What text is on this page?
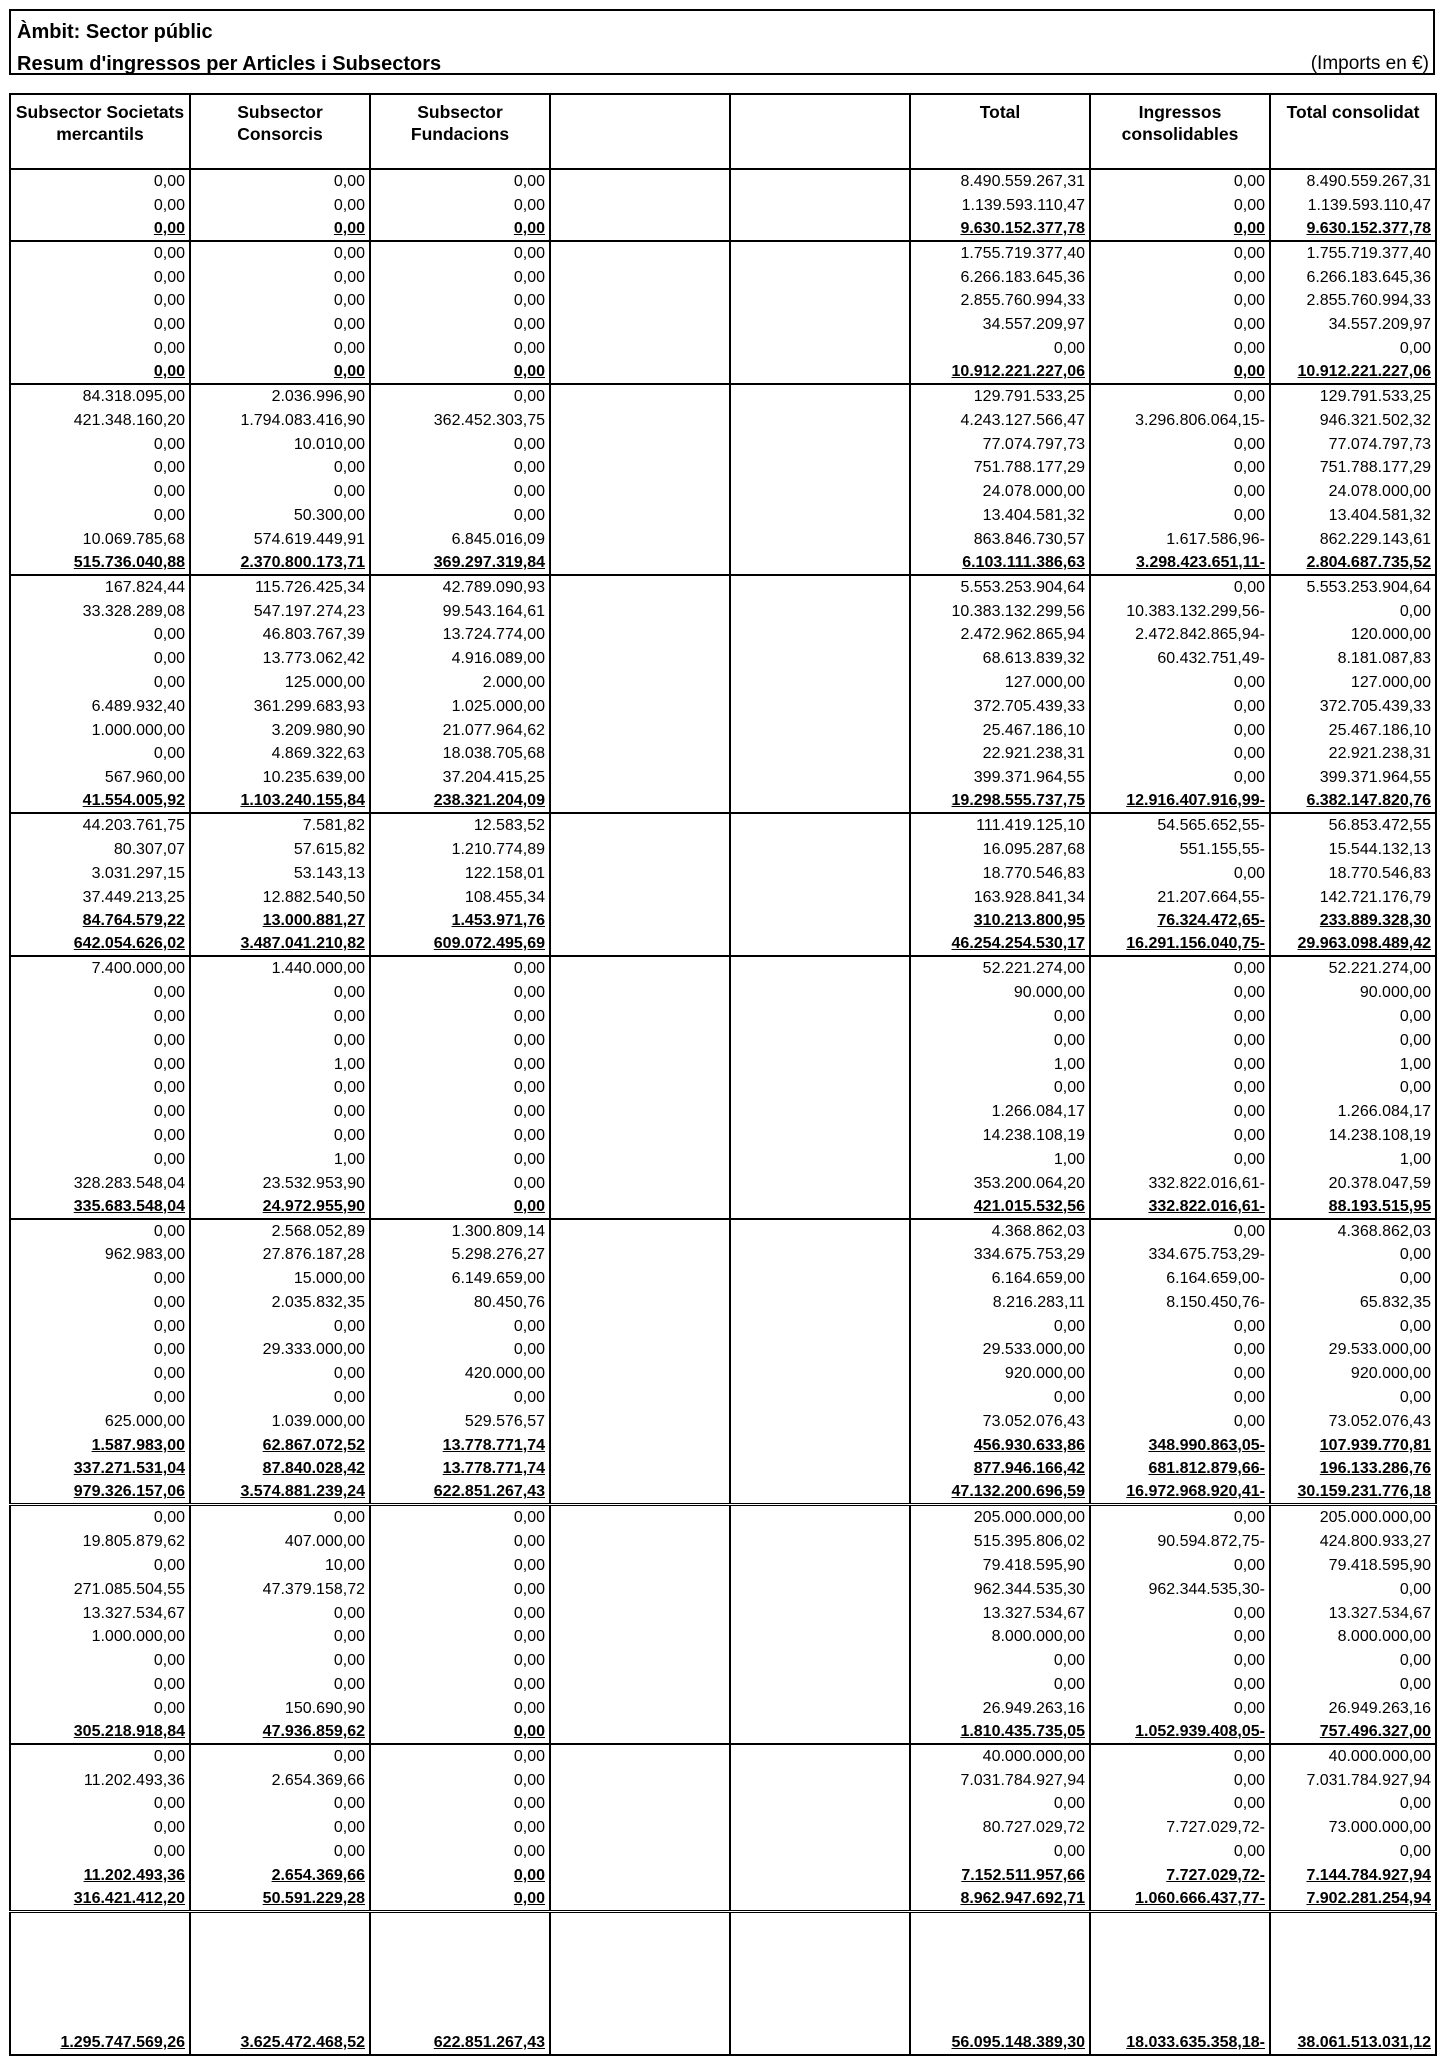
Àmbit: Sector públic
Resum d'ingressos per Articles i Subsectors	(Imports en €)
Subsector Societats mercantils	Subsector Consorcis	Subsector Fundacions			Total	Ingressos consolidables	Total consolidat
0,00	0,00	0,00			8.490.559.267,31	0,00	8.490.559.267,31
0,00	0,00	0,00			1.139.593.110,47	0,00	1.139.593.110,47
0,00	0,00	0,00			9.630.152.377,78	0,00	9.630.152.377,78
0,00	0,00	0,00			1.755.719.377,40	0,00	1.755.719.377,40
0,00	0,00	0,00			6.266.183.645,36	0,00	6.266.183.645,36
0,00	0,00	0,00			2.855.760.994,33	0,00	2.855.760.994,33
0,00	0,00	0,00			34.557.209,97	0,00	34.557.209,97
0,00	0,00	0,00			0,00	0,00	0,00
0,00	0,00	0,00			10.912.221.227,06	0,00	10.912.221.227,06
84.318.095,00	2.036.996,90	0,00			129.791.533,25	0,00	129.791.533,25
421.348.160,20	1.794.083.416,90	362.452.303,75			4.243.127.566,47	3.296.806.064,15-	946.321.502,32
0,00	10.010,00	0,00			77.074.797,73	0,00	77.074.797,73
0,00	0,00	0,00			751.788.177,29	0,00	751.788.177,29
0,00	0,00	0,00			24.078.000,00	0,00	24.078.000,00
0,00	50.300,00	0,00			13.404.581,32	0,00	13.404.581,32
10.069.785,68	574.619.449,91	6.845.016,09			863.846.730,57	1.617.586,96-	862.229.143,61
515.736.040,88	2.370.800.173,71	369.297.319,84			6.103.111.386,63	3.298.423.651,11-	2.804.687.735,52
167.824,44	115.726.425,34	42.789.090,93			5.553.253.904,64	0,00	5.553.253.904,64
33.328.289,08	547.197.274,23	99.543.164,61			10.383.132.299,56	10.383.132.299,56-	0,00
0,00	46.803.767,39	13.724.774,00			2.472.962.865,94	2.472.842.865,94-	120.000,00
0,00	13.773.062,42	4.916.089,00			68.613.839,32	60.432.751,49-	8.181.087,83
0,00	125.000,00	2.000,00			127.000,00	0,00	127.000,00
6.489.932,40	361.299.683,93	1.025.000,00			372.705.439,33	0,00	372.705.439,33
1.000.000,00	3.209.980,90	21.077.964,62			25.467.186,10	0,00	25.467.186,10
0,00	4.869.322,63	18.038.705,68			22.921.238,31	0,00	22.921.238,31
567.960,00	10.235.639,00	37.204.415,25			399.371.964,55	0,00	399.371.964,55
41.554.005,92	1.103.240.155,84	238.321.204,09			19.298.555.737,75	12.916.407.916,99-	6.382.147.820,76
44.203.761,75	7.581,82	12.583,52			111.419.125,10	54.565.652,55-	56.853.472,55
80.307,07	57.615,82	1.210.774,89			16.095.287,68	551.155,55-	15.544.132,13
3.031.297,15	53.143,13	122.158,01			18.770.546,83	0,00	18.770.546,83
37.449.213,25	12.882.540,50	108.455,34			163.928.841,34	21.207.664,55-	142.721.176,79
84.764.579,22	13.000.881,27	1.453.971,76			310.213.800,95	76.324.472,65-	233.889.328,30
642.054.626,02	3.487.041.210,82	609.072.495,69			46.254.254.530,17	16.291.156.040,75-	29.963.098.489,42
7.400.000,00	1.440.000,00	0,00			52.221.274,00	0,00	52.221.274,00
0,00	0,00	0,00			90.000,00	0,00	90.000,00
0,00	0,00	0,00			0,00	0,00	0,00
0,00	0,00	0,00			0,00	0,00	0,00
0,00	1,00	0,00			1,00	0,00	1,00
0,00	0,00	0,00			0,00	0,00	0,00
0,00	0,00	0,00			1.266.084,17	0,00	1.266.084,17
0,00	0,00	0,00			14.238.108,19	0,00	14.238.108,19
0,00	1,00	0,00			1,00	0,00	1,00
328.283.548,04	23.532.953,90	0,00			353.200.064,20	332.822.016,61-	20.378.047,59
335.683.548,04	24.972.955,90	0,00			421.015.532,56	332.822.016,61-	88.193.515,95
0,00	2.568.052,89	1.300.809,14			4.368.862,03	0,00	4.368.862,03
962.983,00	27.876.187,28	5.298.276,27			334.675.753,29	334.675.753,29-	0,00
0,00	15.000,00	6.149.659,00			6.164.659,00	6.164.659,00-	0,00
0,00	2.035.832,35	80.450,76			8.216.283,11	8.150.450,76-	65.832,35
0,00	0,00	0,00			0,00	0,00	0,00
0,00	29.333.000,00	0,00			29.533.000,00	0,00	29.533.000,00
0,00	0,00	420.000,00			920.000,00	0,00	920.000,00
0,00	0,00	0,00			0,00	0,00	0,00
625.000,00	1.039.000,00	529.576,57			73.052.076,43	0,00	73.052.076,43
1.587.983,00	62.867.072,52	13.778.771,74			456.930.633,86	348.990.863,05-	107.939.770,81
337.271.531,04	87.840.028,42	13.778.771,74			877.946.166,42	681.812.879,66-	196.133.286,76
979.326.157,06	3.574.881.239,24	622.851.267,43			47.132.200.696,59	16.972.968.920,41-	30.159.231.776,18
0,00	0,00	0,00			205.000.000,00	0,00	205.000.000,00
19.805.879,62	407.000,00	0,00			515.395.806,02	90.594.872,75-	424.800.933,27
0,00	10,00	0,00			79.418.595,90	0,00	79.418.595,90
271.085.504,55	47.379.158,72	0,00			962.344.535,30	962.344.535,30-	0,00
13.327.534,67	0,00	0,00			13.327.534,67	0,00	13.327.534,67
1.000.000,00	0,00	0,00			8.000.000,00	0,00	8.000.000,00
0,00	0,00	0,00			0,00	0,00	0,00
0,00	0,00	0,00			0,00	0,00	0,00
0,00	150.690,90	0,00			26.949.263,16	0,00	26.949.263,16
305.218.918,84	47.936.859,62	0,00			1.810.435.735,05	1.052.939.408,05-	757.496.327,00
0,00	0,00	0,00			40.000.000,00	0,00	40.000.000,00
11.202.493,36	2.654.369,66	0,00			7.031.784.927,94	0,00	7.031.784.927,94
0,00	0,00	0,00			0,00	0,00	0,00
0,00	0,00	0,00			80.727.029,72	7.727.029,72-	73.000.000,00
0,00	0,00	0,00			0,00	0,00	0,00
11.202.493,36	2.654.369,66	0,00			7.152.511.957,66	7.727.029,72-	7.144.784.927,94
316.421.412,20	50.591.229,28	0,00			8.962.947.692,71	1.060.666.437,77-	7.902.281.254,94

1.295.747.569,26	3.625.472.468,52	622.851.267,43			56.095.148.389,30	18.033.635.358,18-	38.061.513.031,12
